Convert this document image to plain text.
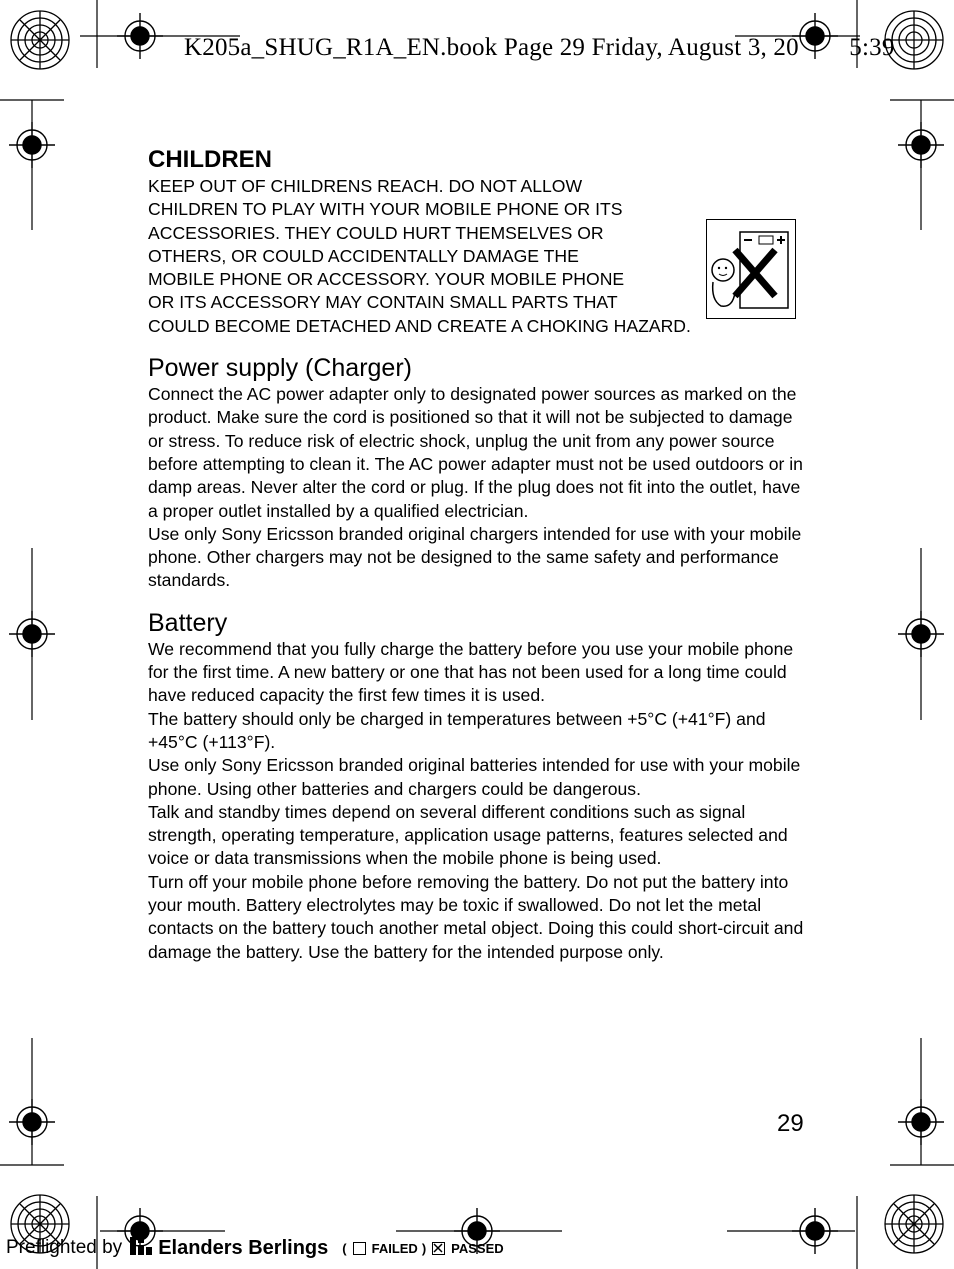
K205a_SHUG_R1A_EN.book Page 29 Friday, August 3, 20 5:39
CHILDREN

KEEP OUT OF CHILDRENS REACH. DO NOT ALLOW

CHILDREN TO PLAY WITH YOUR MOBILE PHONE OR ITS

ACCESSORIES. THEY COULD HURT THEMSELVES OR

OTHERS, OR COULD ACCIDENTALLY DAMAGE THE

MOBILE PHONE OR ACCESSORY. YOUR MOBILE PHONE

OR ITS ACCESSORY MAY CONTAIN SMALL PARTS THAT

COULD BECOME DETACHED AND CREATE A CHOKING HAZARD.

Power supply (Charger)

Connect the AC power adapter only to designated power sources as marked on the product. Make sure the cord is positioned so that it will not be subjected to damage or stress. To reduce risk of electric shock, unplug the unit from any power source before attempting to clean it. The AC power adapter must not be used outdoors or in damp areas. Never alter the cord or plug. If the plug does not fit into the outlet, have a proper outlet installed by a qualified electrician.

Use only Sony Ericsson branded original chargers intended for use with your mobile phone. Other chargers may not be designed to the same safety and performance standards.

Battery

We recommend that you fully charge the battery before you use your mobile phone for the first time. A new battery or one that has not been used for a long time could have reduced capacity the first few times it is used.

The battery should only be charged in temperatures between +5°C (+41°F) and +45°C (+113°F).

Use only Sony Ericsson branded original batteries intended for use with your mobile phone. Using other batteries and chargers could be dangerous.

Talk and standby times depend on several different conditions such as signal strength, operating temperature, application usage patterns, features selected and voice or data transmissions when the mobile phone is being used.

Turn off your mobile phone before removing the battery. Do not put the battery into your mouth. Battery electrolytes may be toxic if swallowed. Do not let the metal contacts on the battery touch another metal object. Doing this could short-circuit and damage the battery. Use the battery for the intended purpose only.

29
Preflighted by Elanders Berlings ( FAILED ) PASSED
